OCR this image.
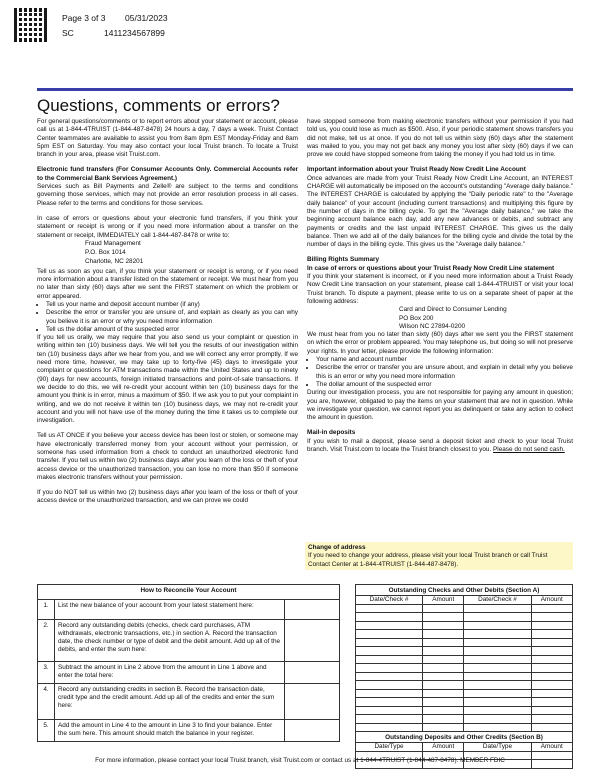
Page 3 of 3 05/31/2023
SC	1411234567899
Questions, comments or errors?

For general questions/comments or to report errors about your statement or account, please call us at 1-844-4TRUIST (1-844-487-8478) 24 hours a day, 7 days a week. Truist Contact Center teammates are available to assist you from 8am 8pm EST Monday-Friday and 8am 5pm EST on Saturday. You may also contact your local Truist branch. To locate a Truist branch in your area, please visit Truist.com.

Electronic fund transfers (For Consumer Accounts Only. Commercial Accounts refer to the Commercial Bank Services Agreement.)

Services such as Bill Payments and Zelle® are subject to the terms and conditions governing those services, which may not provide an error resolution process in all cases. Please refer to the terms and conditions for those services.

In case of errors or questions about your electronic fund transfers, if you think your statement or receipt is wrong or if you need more information about a transfer on the statement or receipt, IMMEDIATELY call 1-844-487-8478 or write to:

Fraud Management
P.O. Box 1014
Charlotte, NC 28201

Tell us as soon as you can, if you think your statement or receipt is wrong, or if you need more information about a transfer listed on the statement or receipt. We must hear from you no later than sixty (60) days after we sent the FIRST statement on which the problem or error appeared.

• Tell us your name and deposit account number (if any)
• Describe the error or transfer you are unsure of, and explain as clearly as you can why you believe it is an error or why you need more information
• Tell us the dollar amount of the suspected error

If you tell us orally, we may require that you also send us your complaint or question in writing within ten (10) business days. We will tell you the results of our investigation within ten (10) business days after we hear from you, and we will correct any error promptly. If we need more time, however, we may take up to forty-five (45) days to investigate your complaint or questions for ATM transactions made within the United States and up to ninety (90) days for new accounts, foreign initiated transactions and point-of-sale transactions. If we decide to do this, we will re-credit your account within ten (10) business days for the amount you think is in error, minus a maximum of $50. If we ask you to put your complaint in writing, and we do not receive it within ten (10) business days, we may not re-credit your account and you will not have use of the money during the time it takes us to complete our investigation.

Tell us AT ONCE if you believe your access device has been lost or stolen, or someone may have electronically transferred money from your account without your permission, or someone has used information from a check to conduct an unauthorized electronic fund transfer. If you tell us within two (2) business days after you learn of the loss or theft of your access device or the unauthorized transaction, you can lose no more than $50 if someone makes electronic transfers without your permission.

If you do NOT tell us within two (2) business days after you learn of the loss or theft of your access device or the unauthorized transaction, and we can prove we could

have stopped someone from making electronic transfers without your permission if you had told us, you could lose as much as $500. Also, if your periodic statement shows transfers you did not make, tell us at once. If you do not tell us within sixty (60) days after the statement was mailed to you, you may not get back any money you lost after sixty (60) days if we can prove we could have stopped someone from taking the money if you had told us in time.

Important information about your Truist Ready Now Credit Line Account

Once advances are made from your Truist Ready Now Credit Line Account, an INTEREST CHARGE will automatically be imposed on the account's outstanding "Average daily balance." The INTEREST CHARGE is calculated by applying the "Daily periodic rate" to the "Average daily balance" of your account (including current transactions) and multiplying this figure by the number of days in the billing cycle. To get the "Average daily balance," we take the beginning account balance each day, add any new advances or debits, and subtract any payments or credits and the last unpaid INTEREST CHARGE. This gives us the daily balance. Then we add all of the daily balances for the billing cycle and divide the total by the number of days in the billing cycle. This gives us the "Average daily balance."

Billing Rights Summary

In case of errors or questions about your Truist Ready Now Credit Line statement

If you think your statement is incorrect, or if you need more information about a Truist Ready Now Credit Line transaction on your statement, please call 1-844-4TRUIST or visit your local Truist branch. To dispute a payment, please write to us on a separate sheet of paper at the following address:

Card and Direct to Consumer Lending
PO Box 200
Wilson NC 27894-0200

We must hear from you no later than sixty (60) days after we sent you the FIRST statement on which the error or problem appeared. You may telephone us, but doing so will not preserve your rights. In your letter, please provide the following information:

• Your name and account number
• Describe the error or transfer you are unsure about, and explain in detail why you believe this is an error or why you need more information
• The dollar amount of the suspected error

During our investigation process, you are not responsible for paying any amount in question; you are, however, obligated to pay the items on your statement that are not in question. While we investigate your question, we cannot report you as delinquent or take any action to collect the amount in question.

Mail-in deposits

If you wish to mail a deposit, please send a deposit ticket and check to your local Truist branch. Visit Truist.com to locate the Truist branch closest to you. Please do not send cash.

Change of address
If you need to change your address, please visit your local Truist branch or call Truist Contact Center at 1-844-4TRUIST (1-844-487-8478).
How to Reconcile Your Account		
1.	List the new balance of your account from your latest statement here:	
2.	Record any outstanding debits (checks, check card purchases, ATM withdrawals, electronic transactions, etc.) in section A. Record the transaction date, the check number or type of debit and the debit amount. Add up all of the debits, and enter the sum here:	
3.	Subtract the amount in Line 2 above from the amount in Line 1 above and enter the total here:	
4.	Record any outstanding credits in section B. Record the transaction date, credit type and the credit amount. Add up all of the credits and enter the sum here:	
5.	Add the amount in Line 4 to the amount in Line 3 to find your balance. Enter the sum here. This amount should match the balance in your register.	
Outstanding Checks and Other Debits (Section A)			
Date/Check #	Amount	Date/Check #	Amount

Outstanding Deposits and Other Credits (Section B)			
Date/Type	Amount	Date/Type	Amount

For more information, please contact your local Truist branch, visit Truist.com or contact us at 1-844-4TRUIST (1-844-487-8478). MEMBER FDIC
